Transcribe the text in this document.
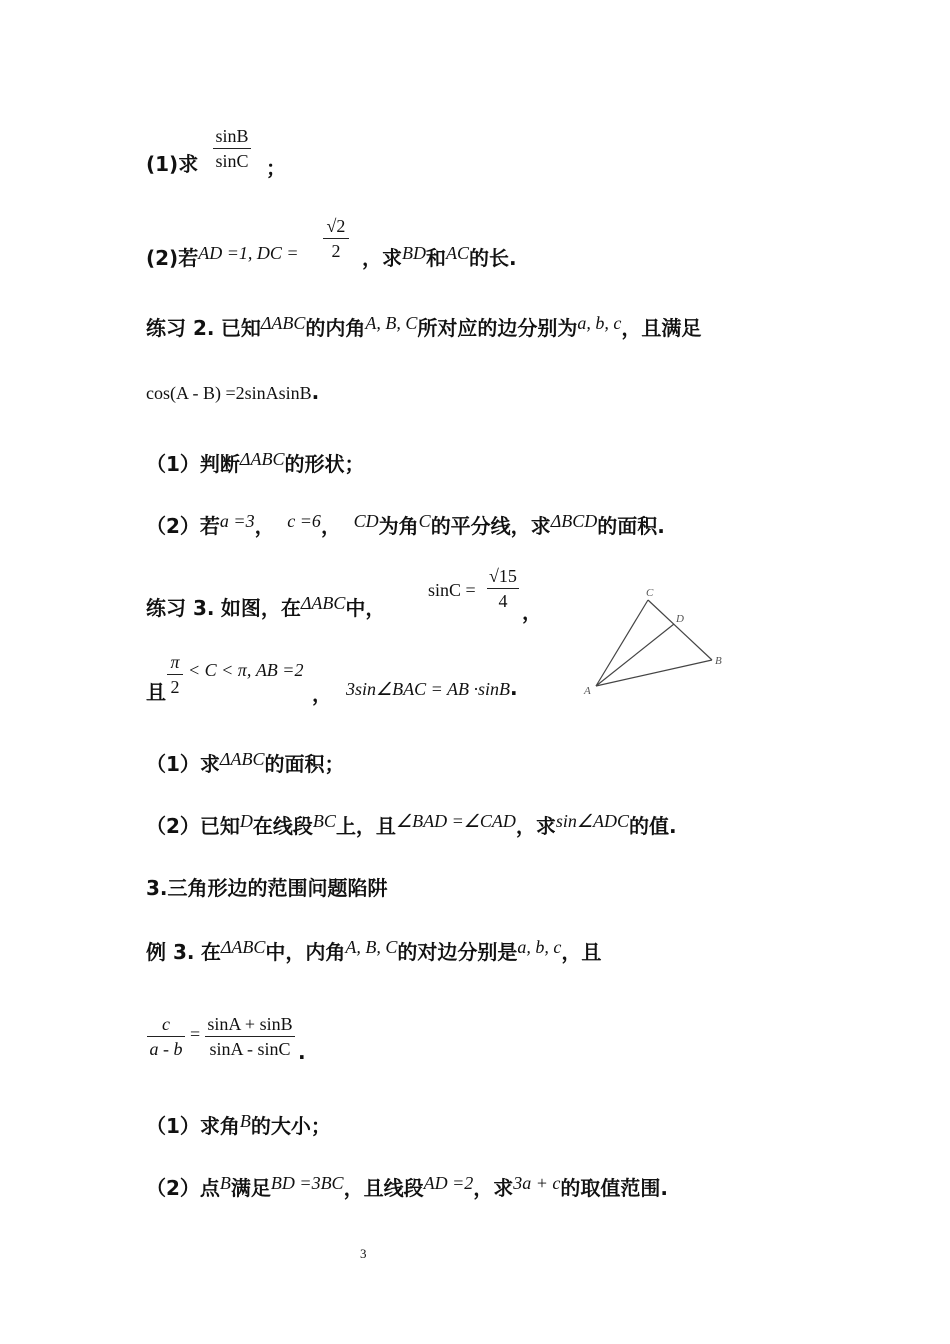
(1)求
sinB
sinC ；
(2)若AD =1, DC =
√2
2	，求BD和AC的长.
练习 2. 已知ΔABC的内角A, B, C所对应的边分别为a, b, c，且满足
cos(A - B) =2sinAsinB.
（1）判断ΔABC的形状；
（2）若a =3， c =6， CD为角C的平分线，求ΔBCD的面积.
练习 3. 如图，在ΔABC中，
sinC =
√15
4 ，
且
π
2
< C < π, AB =2
， 3sin∠BAC = AB ·sinB.	A
B
C
D
（1）求ΔABC的面积；
（2）已知D在线段BC上，且∠BAD =∠CAD，求sin∠ADC的值.
3.三角形边的范围问题陷阱
例 3. 在ΔABC中，内角A, B, C的对边分别是a, b, c，且
c
a - b
= sinA + sinB
sinA - sinC .
（1）求角B的大小；
（2）点B满足BD =3BC，且线段AD =2，求3a + c的取值范围.
3
